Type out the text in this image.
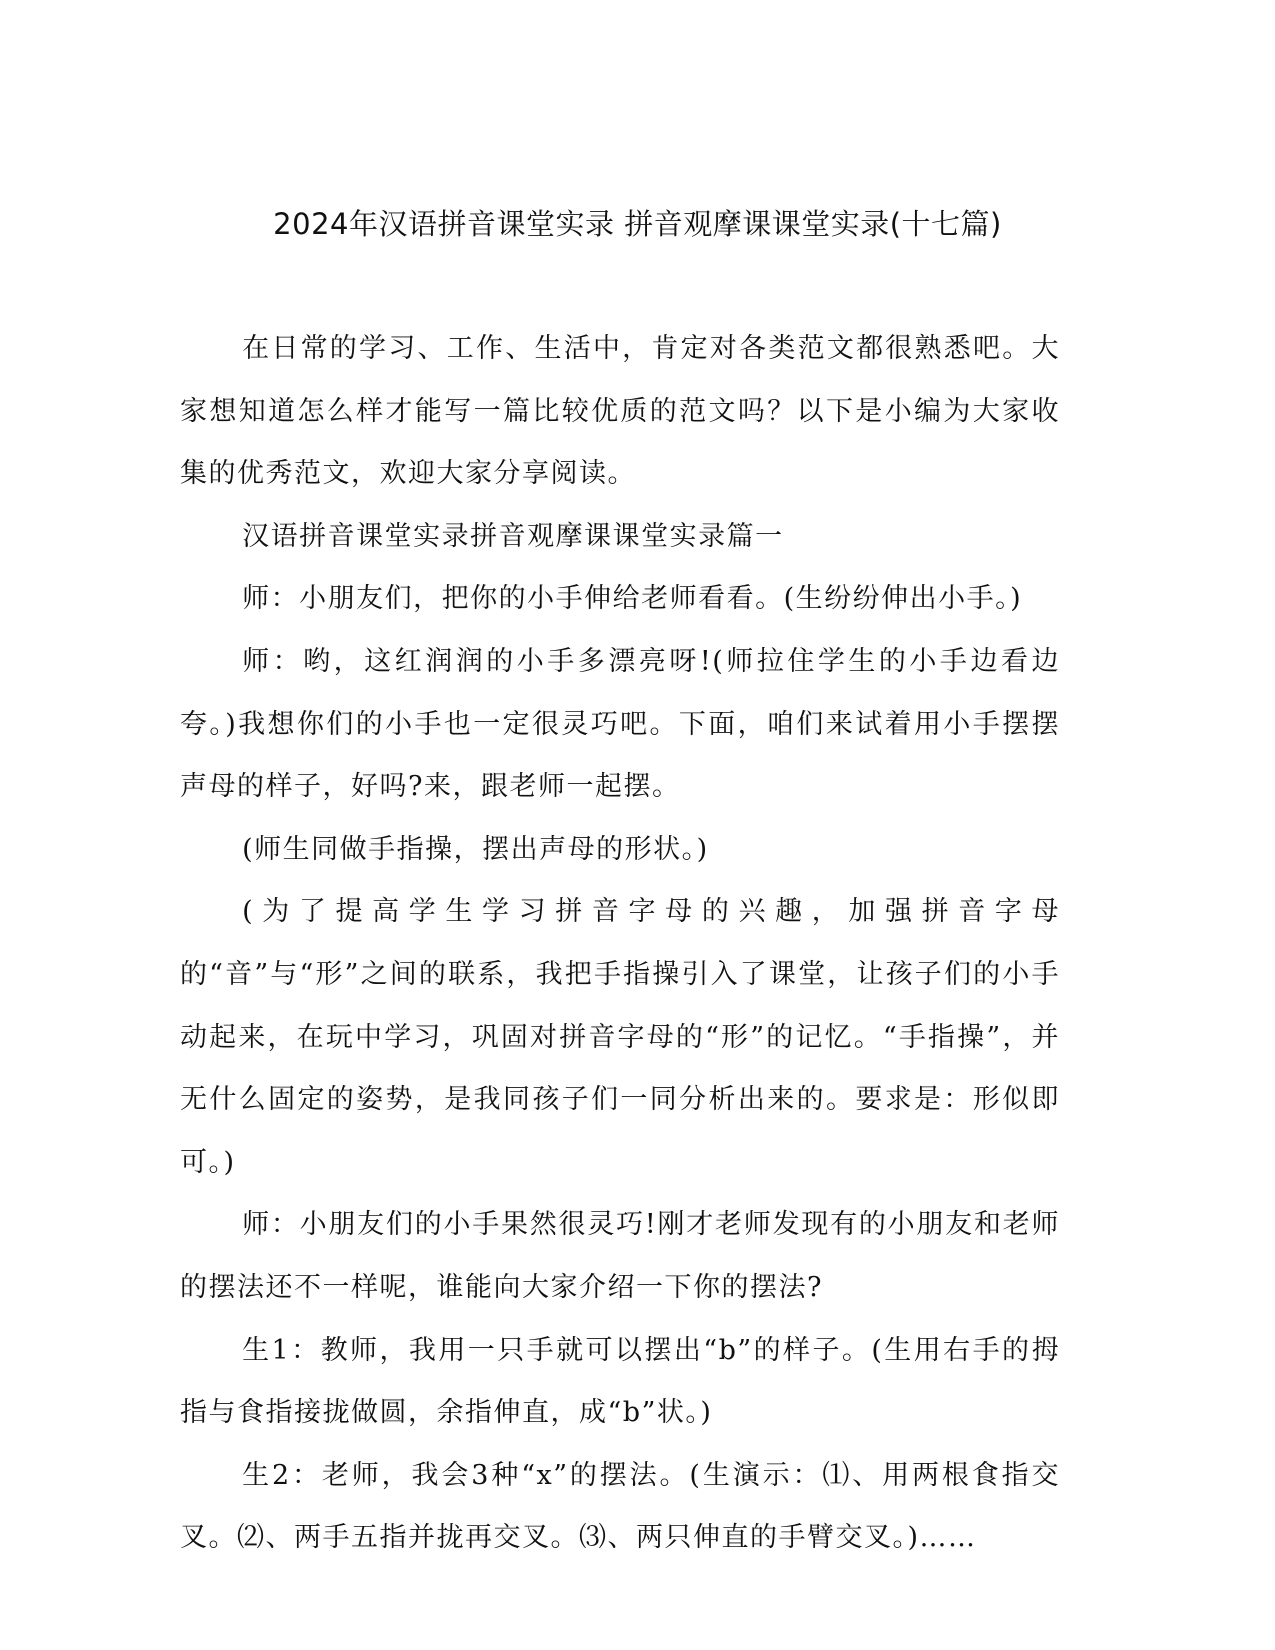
2024年汉语拼音课堂实录 拼音观摩课课堂实录(十七篇)

在日常的学习、工作、生活中，肯定对各类范文都很熟悉吧。大家想知道怎么样才能写一篇比较优质的范文吗？以下是小编为大家收集的优秀范文，欢迎大家分享阅读。

汉语拼音课堂实录拼音观摩课课堂实录篇一

师：小朋友们，把你的小手伸给老师看看。(生纷纷伸出小手。)

师：哟，这红润润的小手多漂亮呀!(师拉住学生的小手边看边夸。)我想你们的小手也一定很灵巧吧。下面，咱们来试着用小手摆摆声母的样子，好吗?来，跟老师一起摆。

(师生同做手指操，摆出声母的形状。)

(为了提高学生学习拼音字母的兴趣，加强拼音字母的“音”与“形”之间的联系，我把手指操引入了课堂，让孩子们的小手动起来，在玩中学习，巩固对拼音字母的“形”的记忆。“手指操”，并无什么固定的姿势，是我同孩子们一同分析出来的。要求是：形似即可。)

师：小朋友们的小手果然很灵巧!刚才老师发现有的小朋友和老师的摆法还不一样呢，谁能向大家介绍一下你的摆法?

生1：教师，我用一只手就可以摆出“b”的样子。(生用右手的拇指与食指接拢做圆，余指伸直，成“b”状。)

生2：老师，我会3种“x”的摆法。(生演示：⑴、用两根食指交叉。⑵、两手五指并拢再交叉。⑶、两只伸直的手臂交叉。)……
